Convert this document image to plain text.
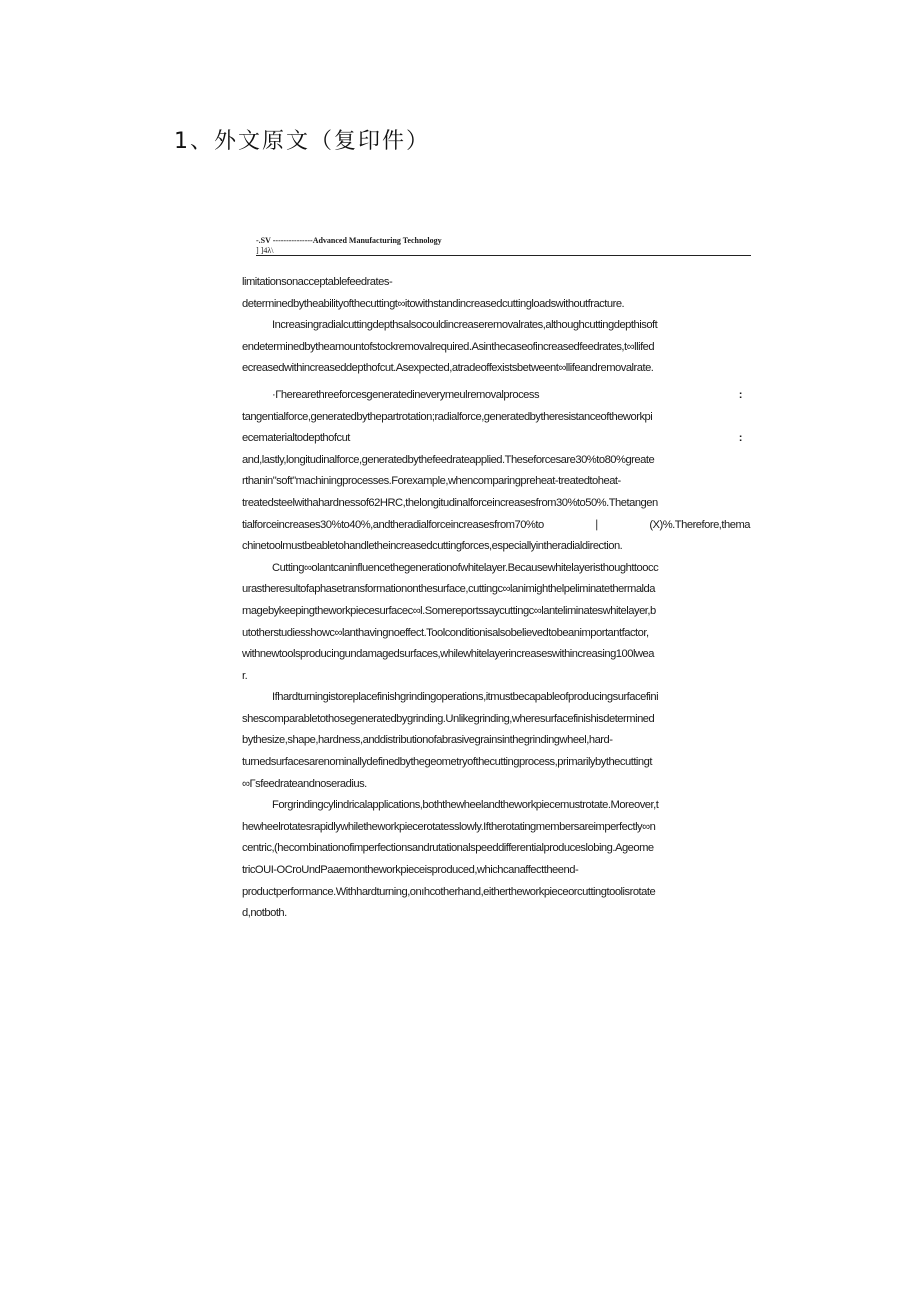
1、外文原文（复印件）
-.SV ---------------Advanced Manufacturing Technology
] ]4λ\
limitationsonacceptablefeedrates-
determinedbytheabilityofthecuttingt∞itowithstandincreasedcuttingloadswithoutfracture.
Increasingradialcuttingdepthsalsocouldincreaseremovalrates,althoughcuttingdepthisoft
endeterminedbytheamountofstockremovalrequired.Asinthecaseofincreasedfeedrates,t∞llifed
ecreasedwithincreaseddepthofcut.Asexpected,atradeoffexistsbetweent∞llifeandremovalrate.
·Γherearethreeforcesgeneratedineverymeulremovalprocess	:
tangentialforce,generatedbythepartrotation;radialforce,generatedbytheresistanceoftheworkpi
ecematerialtodepthofcut	:
and,lastly,longitudinalforce,generatedbythefeedrateapplied.Theseforcesare30%to80%greate
rthanin"soft"machiningprocesses.Forexample,whencomparingpreheat-treatedtoheat-
treatedsteelwithahardnessof62HRC,thelongitudinalforceincreasesfrom30%to50%.Thetangen
tialforceincreases30%to40%,andtheradialforceincreasesfrom70%to ∣ (X)%.Therefore,thema
chinetoolmustbeabletohandletheincreasedcuttingforces,especiallyintheradialdirection.
Cutting∞olantcaninfluencethegenerationofwhitelayer.Becausewhitelayeristhoughttoocc
urastheresultofaphasetransformationonthesurface,cuttingc∞lanimighthelpeliminatethermalda
magebykeepingtheworkpiecesurfacec∞l.Somereportssaycuttingc∞lanteliminateswhitelayer,b
utotherstudiesshowc∞lanthavingnoeffect.Toolconditionisalsobelievedtobeanimportantfactor,
withnewtoolsproducingundamagedsurfaces,whilewhitelayerincreaseswithincreasing100lwea
r.
Ifhardturningistoreplacefinishgrindingoperations,itmustbecapableofproducingsurfacefini
shescomparabletothosegeneratedbygrinding.Unlikegrinding,wheresurfacefinishisdetermined
bythesize,shape,hardness,anddistributionofabrasivegrainsinthegrindingwheel,hard-
turnedsurfacesarenominallydefinedbythegeometryofthecuttingprocess,primarilybythecuttingt
∞Γsfeedrateandnoseradius.
Forgrindingcylindricalapplications,boththewheelandtheworkpiecemustrotate.Moreover,t
hewheelrotatesrapidlywhiletheworkpiecerotatesslowly.Iftherotatingmembersareimperfectly∞n
centric,(hecombinationofimperfectionsandrutationalspeeddifferentialproduceslobing.Ageome
tricOUI-OCroUndPaaemontheworkpieceisproduced,whichcanaffecttheend-
productperformance.Withhardturning,onıhcotherhand,eithertheworkpieceorcuttingtoolisrotate
d,notboth.
